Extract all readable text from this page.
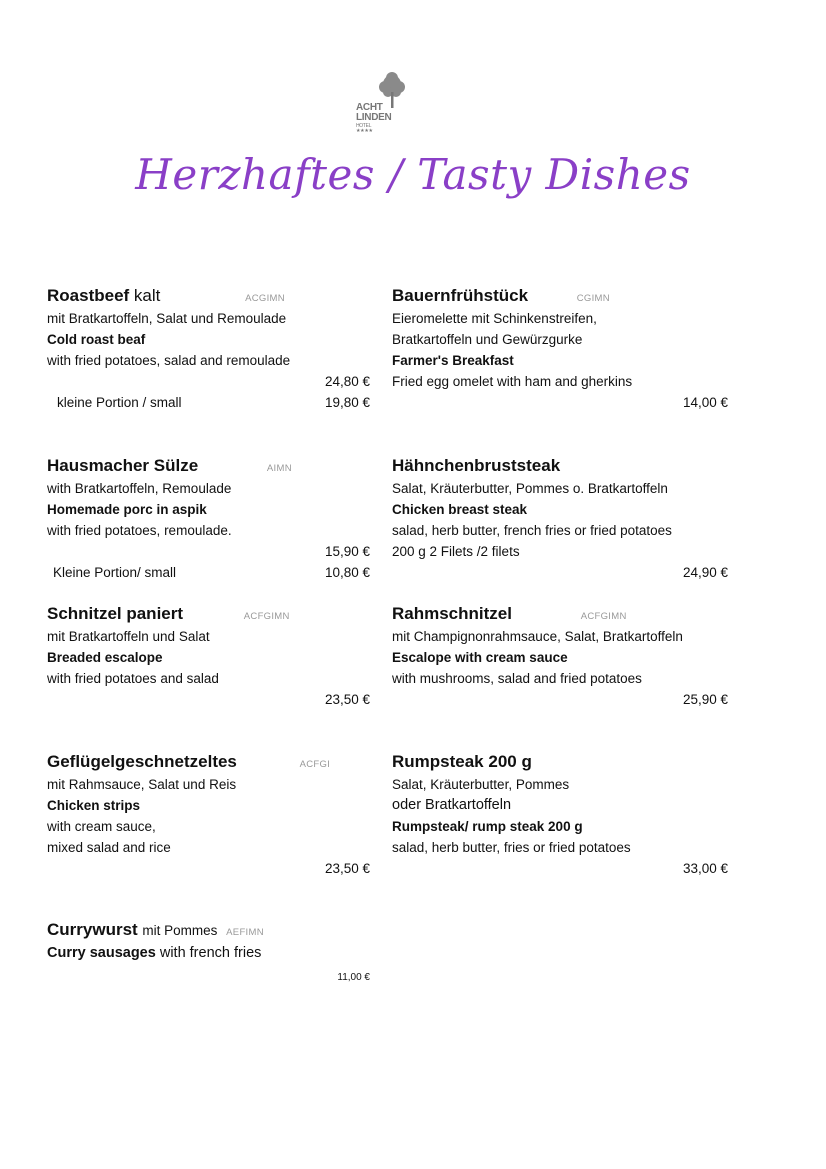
ACHT
LINDEN
HOTEL
★★★★
Herzhaftes / Tasty Dishes
Roastbeef kalt	ACGIMN
mit Bratkartoffeln, Salat und Remoulade
Cold roast beaf
with fried potatoes, salad and remoulade
24,80 €
kleine Portion / small	19,80 €
Bauernfrühstück	CGIMN
Eieromelette mit Schinkenstreifen,
Bratkartoffeln und Gewürzgurke
Farmer's Breakfast
Fried egg omelet with ham and gherkins
14,00 €
Hausmacher Sülze	AIMN
with Bratkartoffeln, Remoulade
Homemade porc in aspik
with fried potatoes, remoulade.
15,90 €
Kleine Portion/ small	10,80 €
Hähnchenbruststeak
Salat, Kräuterbutter, Pommes o. Bratkartoffeln
Chicken breast steak
salad, herb butter, french fries or fried potatoes
200 g 2 Filets /2 filets
24,90 €
Schnitzel paniert	ACFGIMN
mit Bratkartoffeln und Salat
Breaded escalope
with fried potatoes and salad
23,50 €
Rahmschnitzel	ACFGIMN
mit Champignonrahmsauce, Salat, Bratkartoffeln
Escalope with cream sauce
with mushrooms, salad and fried potatoes
25,90 €
Geflügelgeschnetzeltes	ACFGI
mit Rahmsauce, Salat und Reis
Chicken strips
with cream sauce,
mixed salad and rice
23,50 €
Rumpsteak 200 g
Salat, Kräuterbutter, Pommes
oder Bratkartoffeln
Rumpsteak/ rump steak 200 g
salad, herb butter, fries or fried potatoes
33,00 €
Currywurst mit Pommes AEFIMN
Curry sausages with french fries
11,00 €
